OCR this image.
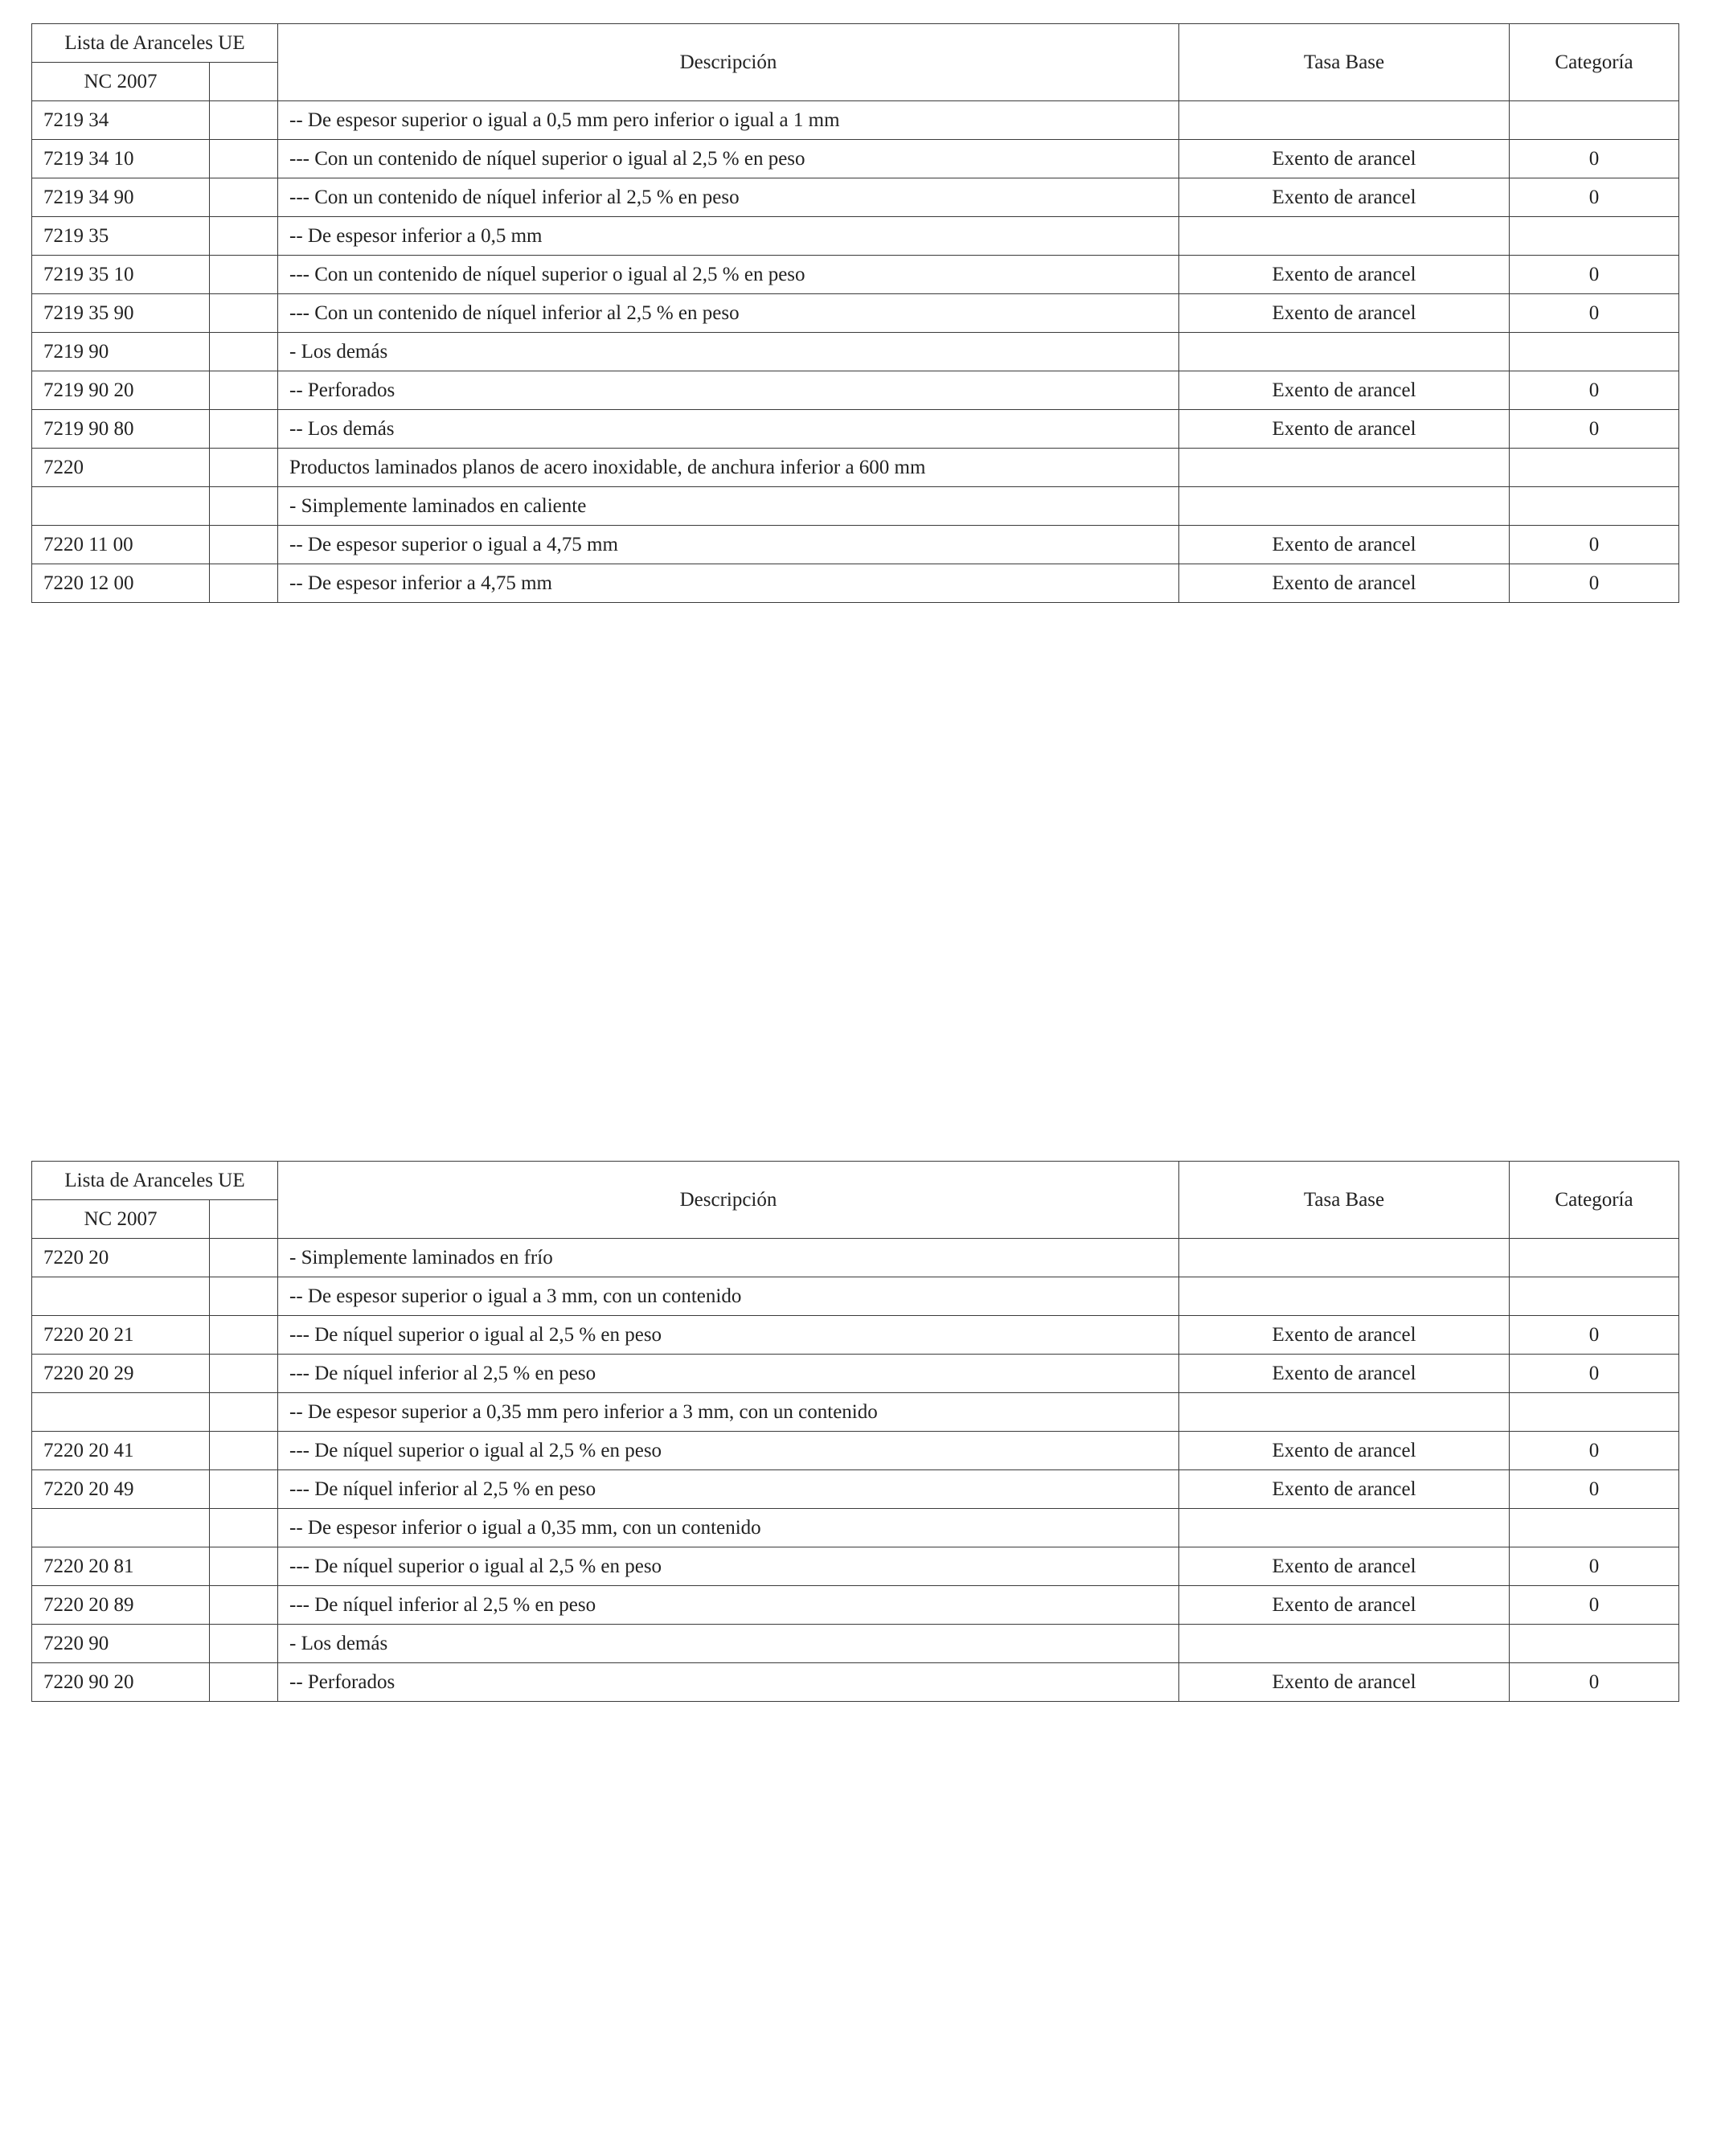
Lista de Aranceles UE		Descripción	Tasa Base	Categoría
NC 2007				
7219 34		-- De espesor superior o igual a 0,5 mm pero inferior o igual a 1 mm		
7219 34 10		--- Con un contenido de níquel superior o igual al 2,5 % en peso	Exento de arancel	0
7219 34 90		--- Con un contenido de níquel inferior al 2,5 % en peso	Exento de arancel	0
7219 35		-- De espesor inferior a 0,5 mm		
7219 35 10		--- Con un contenido de níquel superior o igual al 2,5 % en peso	Exento de arancel	0
7219 35 90		--- Con un contenido de níquel inferior al 2,5 % en peso	Exento de arancel	0
7219 90		- Los demás		
7219 90 20		-- Perforados	Exento de arancel	0
7219 90 80		-- Los demás	Exento de arancel	0
7220		Productos laminados planos de acero inoxidable, de anchura inferior a 600 mm		
		- Simplemente laminados en caliente		
7220 11 00		-- De espesor superior o igual a 4,75 mm	Exento de arancel	0
7220 12 00		-- De espesor inferior a 4,75 mm	Exento de arancel	0
Lista de Aranceles UE		Descripción	Tasa Base	Categoría
NC 2007				
7220 20		- Simplemente laminados en frío		
		-- De espesor superior o igual a 3 mm, con un contenido		
7220 20 21		--- De níquel superior o igual al 2,5 % en peso	Exento de arancel	0
7220 20 29		--- De níquel inferior al 2,5 % en peso	Exento de arancel	0
		-- De espesor superior a 0,35 mm pero inferior a 3 mm, con un contenido		
7220 20 41		--- De níquel superior o igual al 2,5 % en peso	Exento de arancel	0
7220 20 49		--- De níquel inferior al 2,5 % en peso	Exento de arancel	0
		-- De espesor inferior o igual a 0,35 mm, con un contenido		
7220 20 81		--- De níquel superior o igual al 2,5 % en peso	Exento de arancel	0
7220 20 89		--- De níquel inferior al 2,5 % en peso	Exento de arancel	0
7220 90		- Los demás		
7220 90 20		-- Perforados	Exento de arancel	0
